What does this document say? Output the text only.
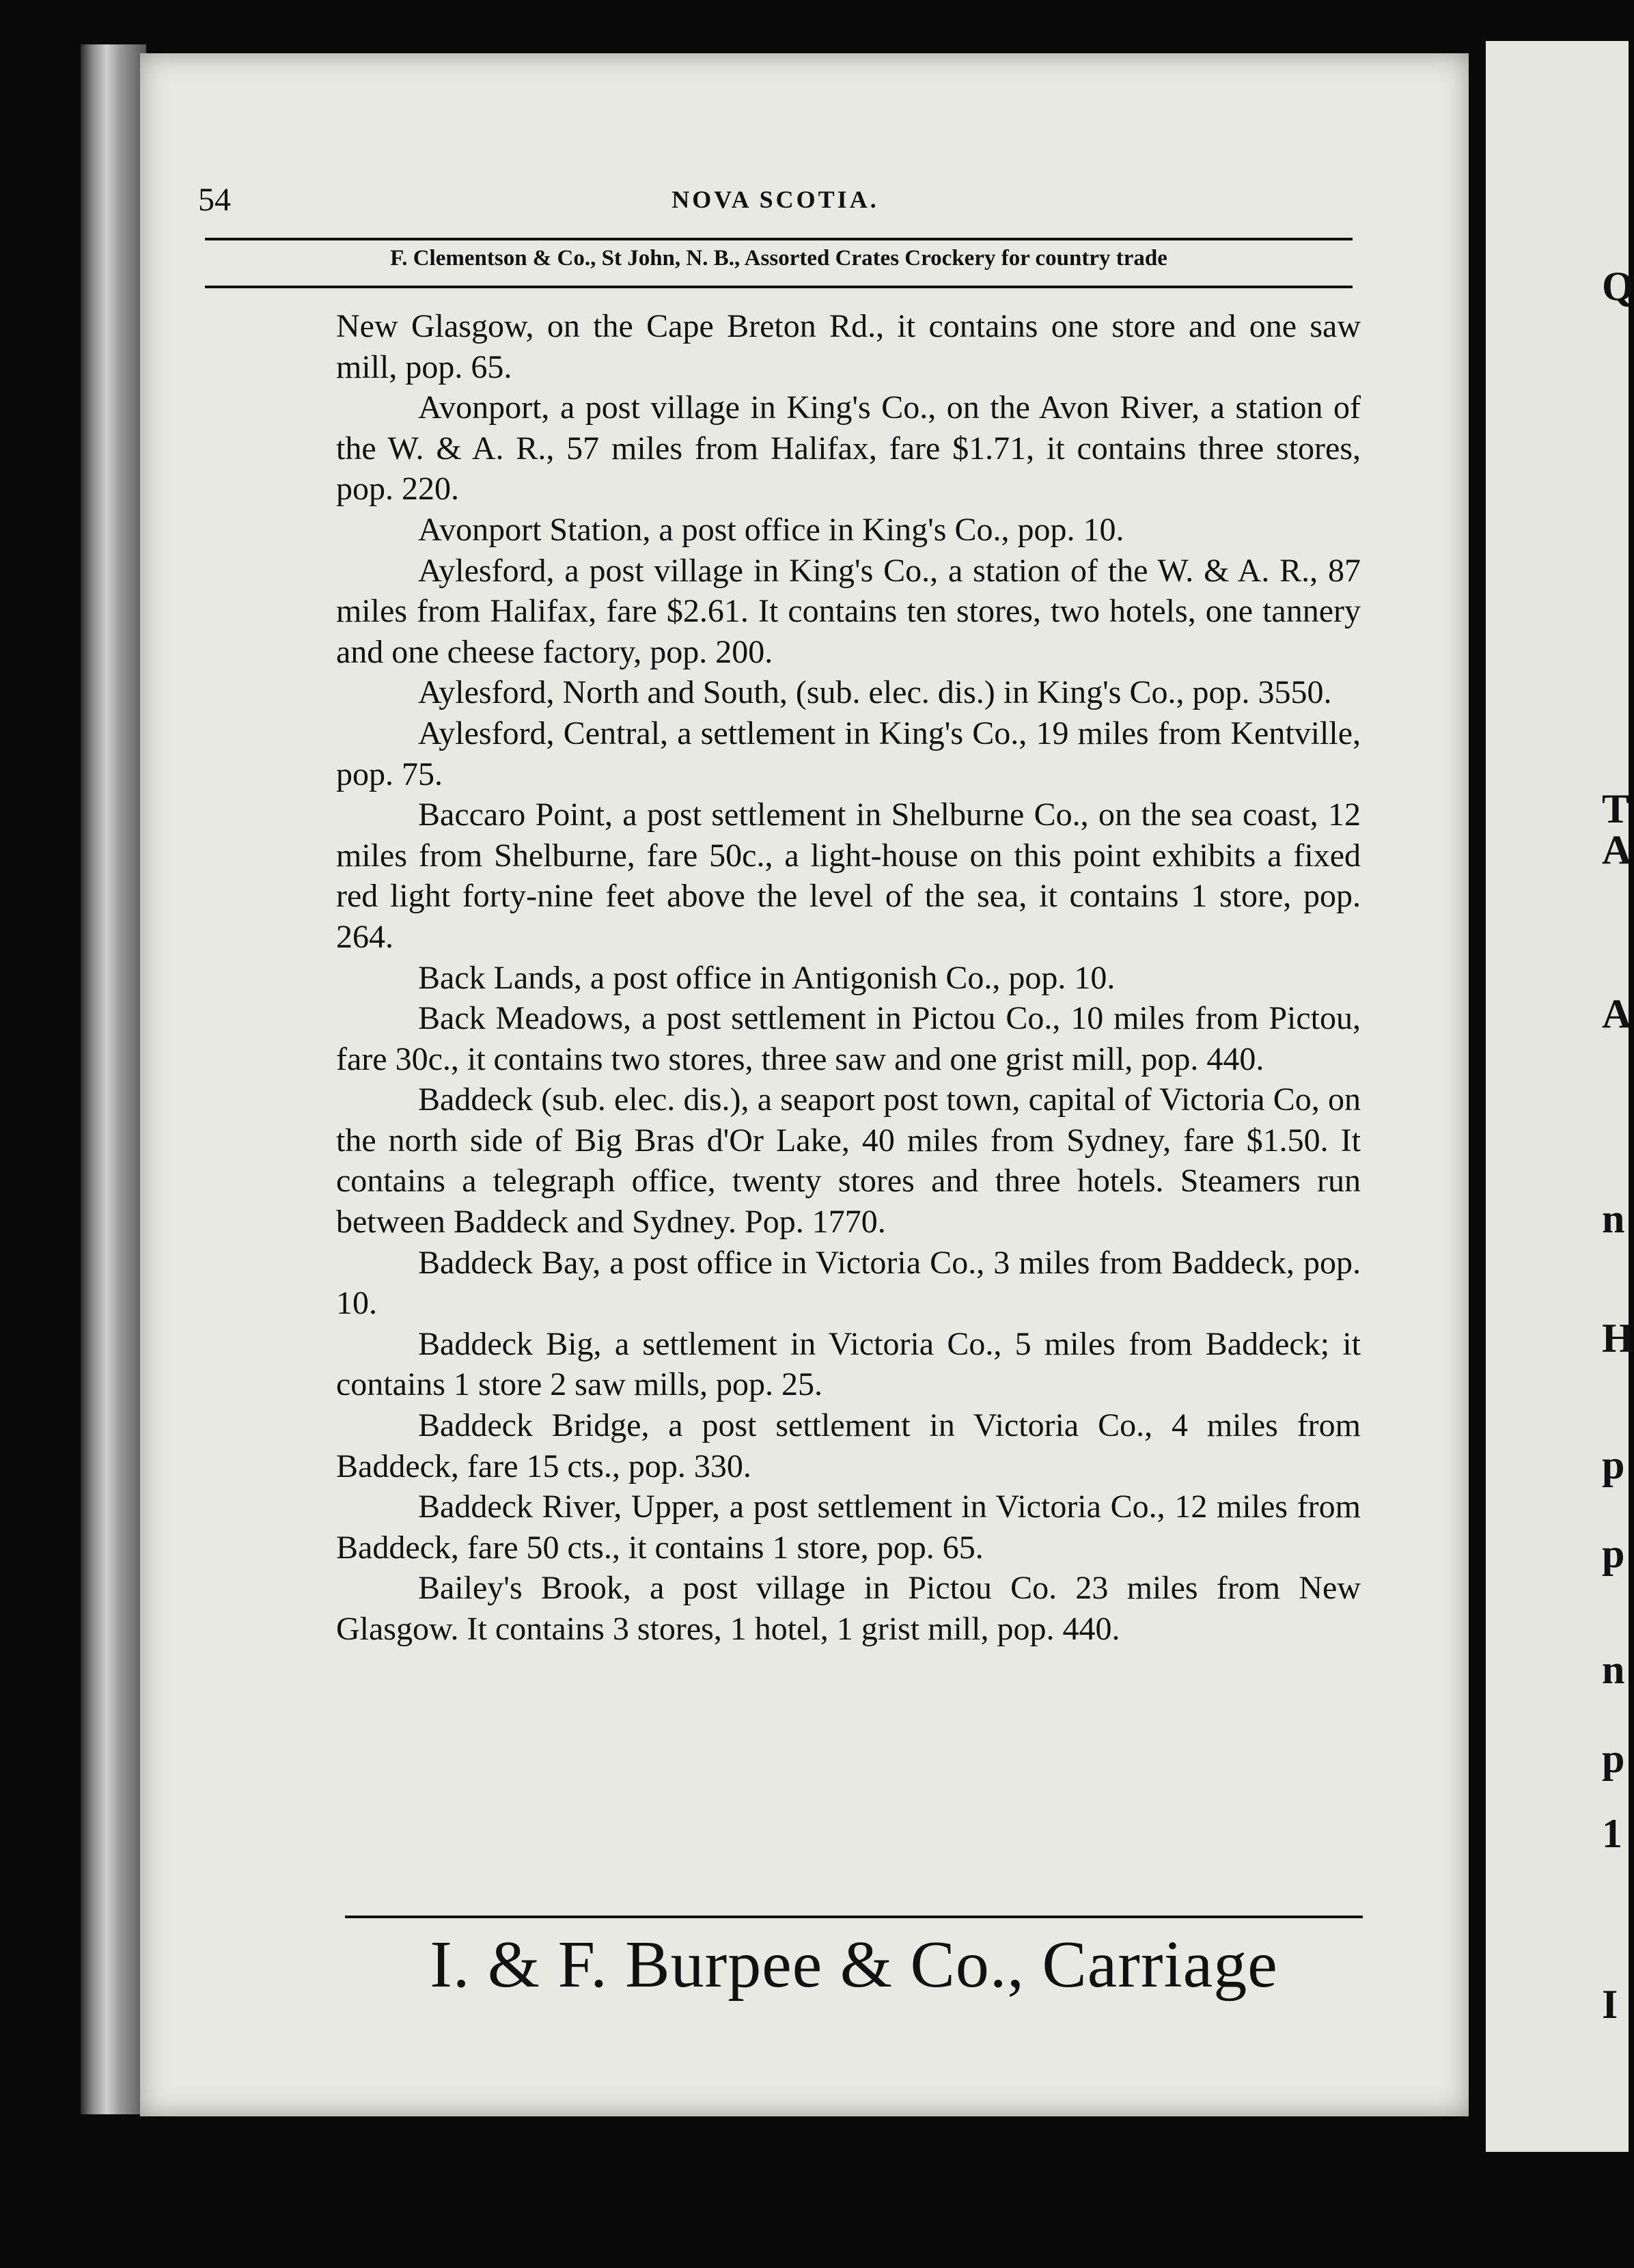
Q
T
A
A
n
H
p
p
n
p
1
I
54	NOVA SCOTIA.
F. Clementson & Co., St John, N. B., Assorted Crates Crockery for country trade

New Glasgow, on the Cape Breton Rd., it contains one store and one saw mill, pop. 65.

Avonport, a post village in King's Co., on the Avon River, a station of the W. & A. R., 57 miles from Halifax, fare $1.71, it contains three stores, pop. 220.

Avonport Station, a post office in King's Co., pop. 10.

Aylesford, a post village in King's Co., a station of the W. & A. R., 87 miles from Halifax, fare $2.61. It contains ten stores, two hotels, one tannery and one cheese factory, pop. 200.

Aylesford, North and South, (sub. elec. dis.) in King's Co., pop. 3550.

Aylesford, Central, a settlement in King's Co., 19 miles from Kentville, pop. 75.

Baccaro Point, a post settlement in Shelburne Co., on the sea coast, 12 miles from Shelburne, fare 50c., a light-house on this point exhibits a fixed red light forty-nine feet above the level of the sea, it contains 1 store, pop. 264.

Back Lands, a post office in Antigonish Co., pop. 10.

Back Meadows, a post settlement in Pictou Co., 10 miles from Pictou, fare 30c., it contains two stores, three saw and one grist mill, pop. 440.

Baddeck (sub. elec. dis.), a seaport post town, capital of Victoria Co, on the north side of Big Bras d'Or Lake, 40 miles from Sydney, fare $1.50. It contains a telegraph office, twenty stores and three hotels. Steamers run between Baddeck and Sydney. Pop. 1770.

Baddeck Bay, a post office in Victoria Co., 3 miles from Baddeck, pop. 10.

Baddeck Big, a settlement in Victoria Co., 5 miles from Baddeck; it contains 1 store 2 saw mills, pop. 25.

Baddeck Bridge, a post settlement in Victoria Co., 4 miles from Baddeck, fare 15 cts., pop. 330.

Baddeck River, Upper, a post settlement in Victoria Co., 12 miles from Baddeck, fare 50 cts., it contains 1 store, pop. 65.

Bailey's Brook, a post village in Pictou Co. 23 miles from New Glasgow. It contains 3 stores, 1 hotel, 1 grist mill, pop. 440.

I. & F. Burpee & Co., Carriage
